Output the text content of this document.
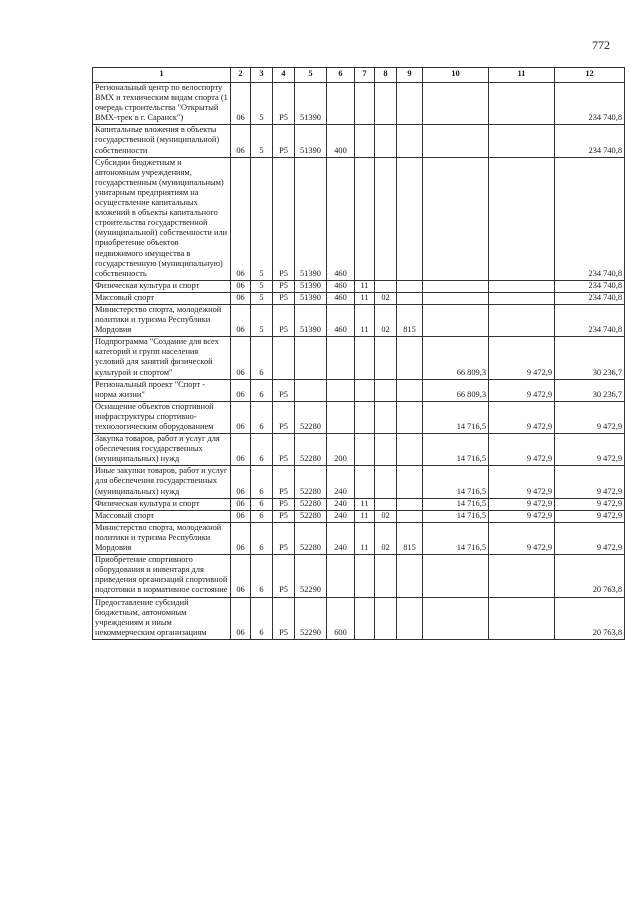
772
1	2	3	4	5	6	7	8	9	10	11	12
Региональный центр по велоспорту ВМХ и техническим видам спорта (1 очередь строительства "Открытый ВМХ-трек в г. Саранск")	06	5	P5	51390							234 740,8
Капитальные вложения в объекты государственной (муниципальной) собственности	06	5	P5	51390	400						234 740,8
Субсидии бюджетным и автономным учреждениям, государственным (муниципальным) унитарным предприятиям на осуществление капитальных вложений в объекты капитального строительства государственной (муниципальной) собственности или приобретение объектов недвижимого имущества в государственную (муниципальную) собственность	06	5	P5	51390	460						234 740,8
Физическая культура и спорт	06	5	P5	51390	460	11					234 740,8
Массовый спорт	06	5	P5	51390	460	11	02				234 740,8
Министерство спорта, молодежной политики и туризма Республики Мордовия	06	5	P5	51390	460	11	02	815			234 740,8
Подпрограмма "Создание для всех категорий и групп населения условий для занятий физической культурой и спортом"	06	6							66 809,3	9 472,9	30 236,7
Региональный проект "Спорт - норма жизни"	06	6	P5						66 809,3	9 472,9	30 236,7
Оснащение объектов спортивной инфраструктуры спортивно-технологическим оборудованием	06	6	P5	52280					14 716,5	9 472,9	9 472,9
Закупка товаров, работ и услуг для обеспечения государственных (муниципальных) нужд	06	6	P5	52280	200				14 716,5	9 472,9	9 472,9
Иные закупки товаров, работ и услуг для обеспечения государственных (муниципальных) нужд	06	6	P5	52280	240				14 716,5	9 472,9	9 472,9
Физическая культура и спорт	06	6	P5	52280	240	11			14 716,5	9 472,9	9 472,9
Массовый спорт	06	6	P5	52280	240	11	02		14 716,5	9 472,9	9 472,9
Министерство спорта, молодежной политики и туризма Республики Мордовия	06	6	P5	52280	240	11	02	815	14 716,5	9 472,9	9 472,9
Приобретение спортивного оборудования и инвентаря для приведения организаций спортивной подготовки в нормативное состояние	06	6	P5	52290							20 763,8
Предоставление субсидий бюджетным, автономным учреждениям и иным некоммерческим организациям	06	6	P5	52290	600						20 763,8
